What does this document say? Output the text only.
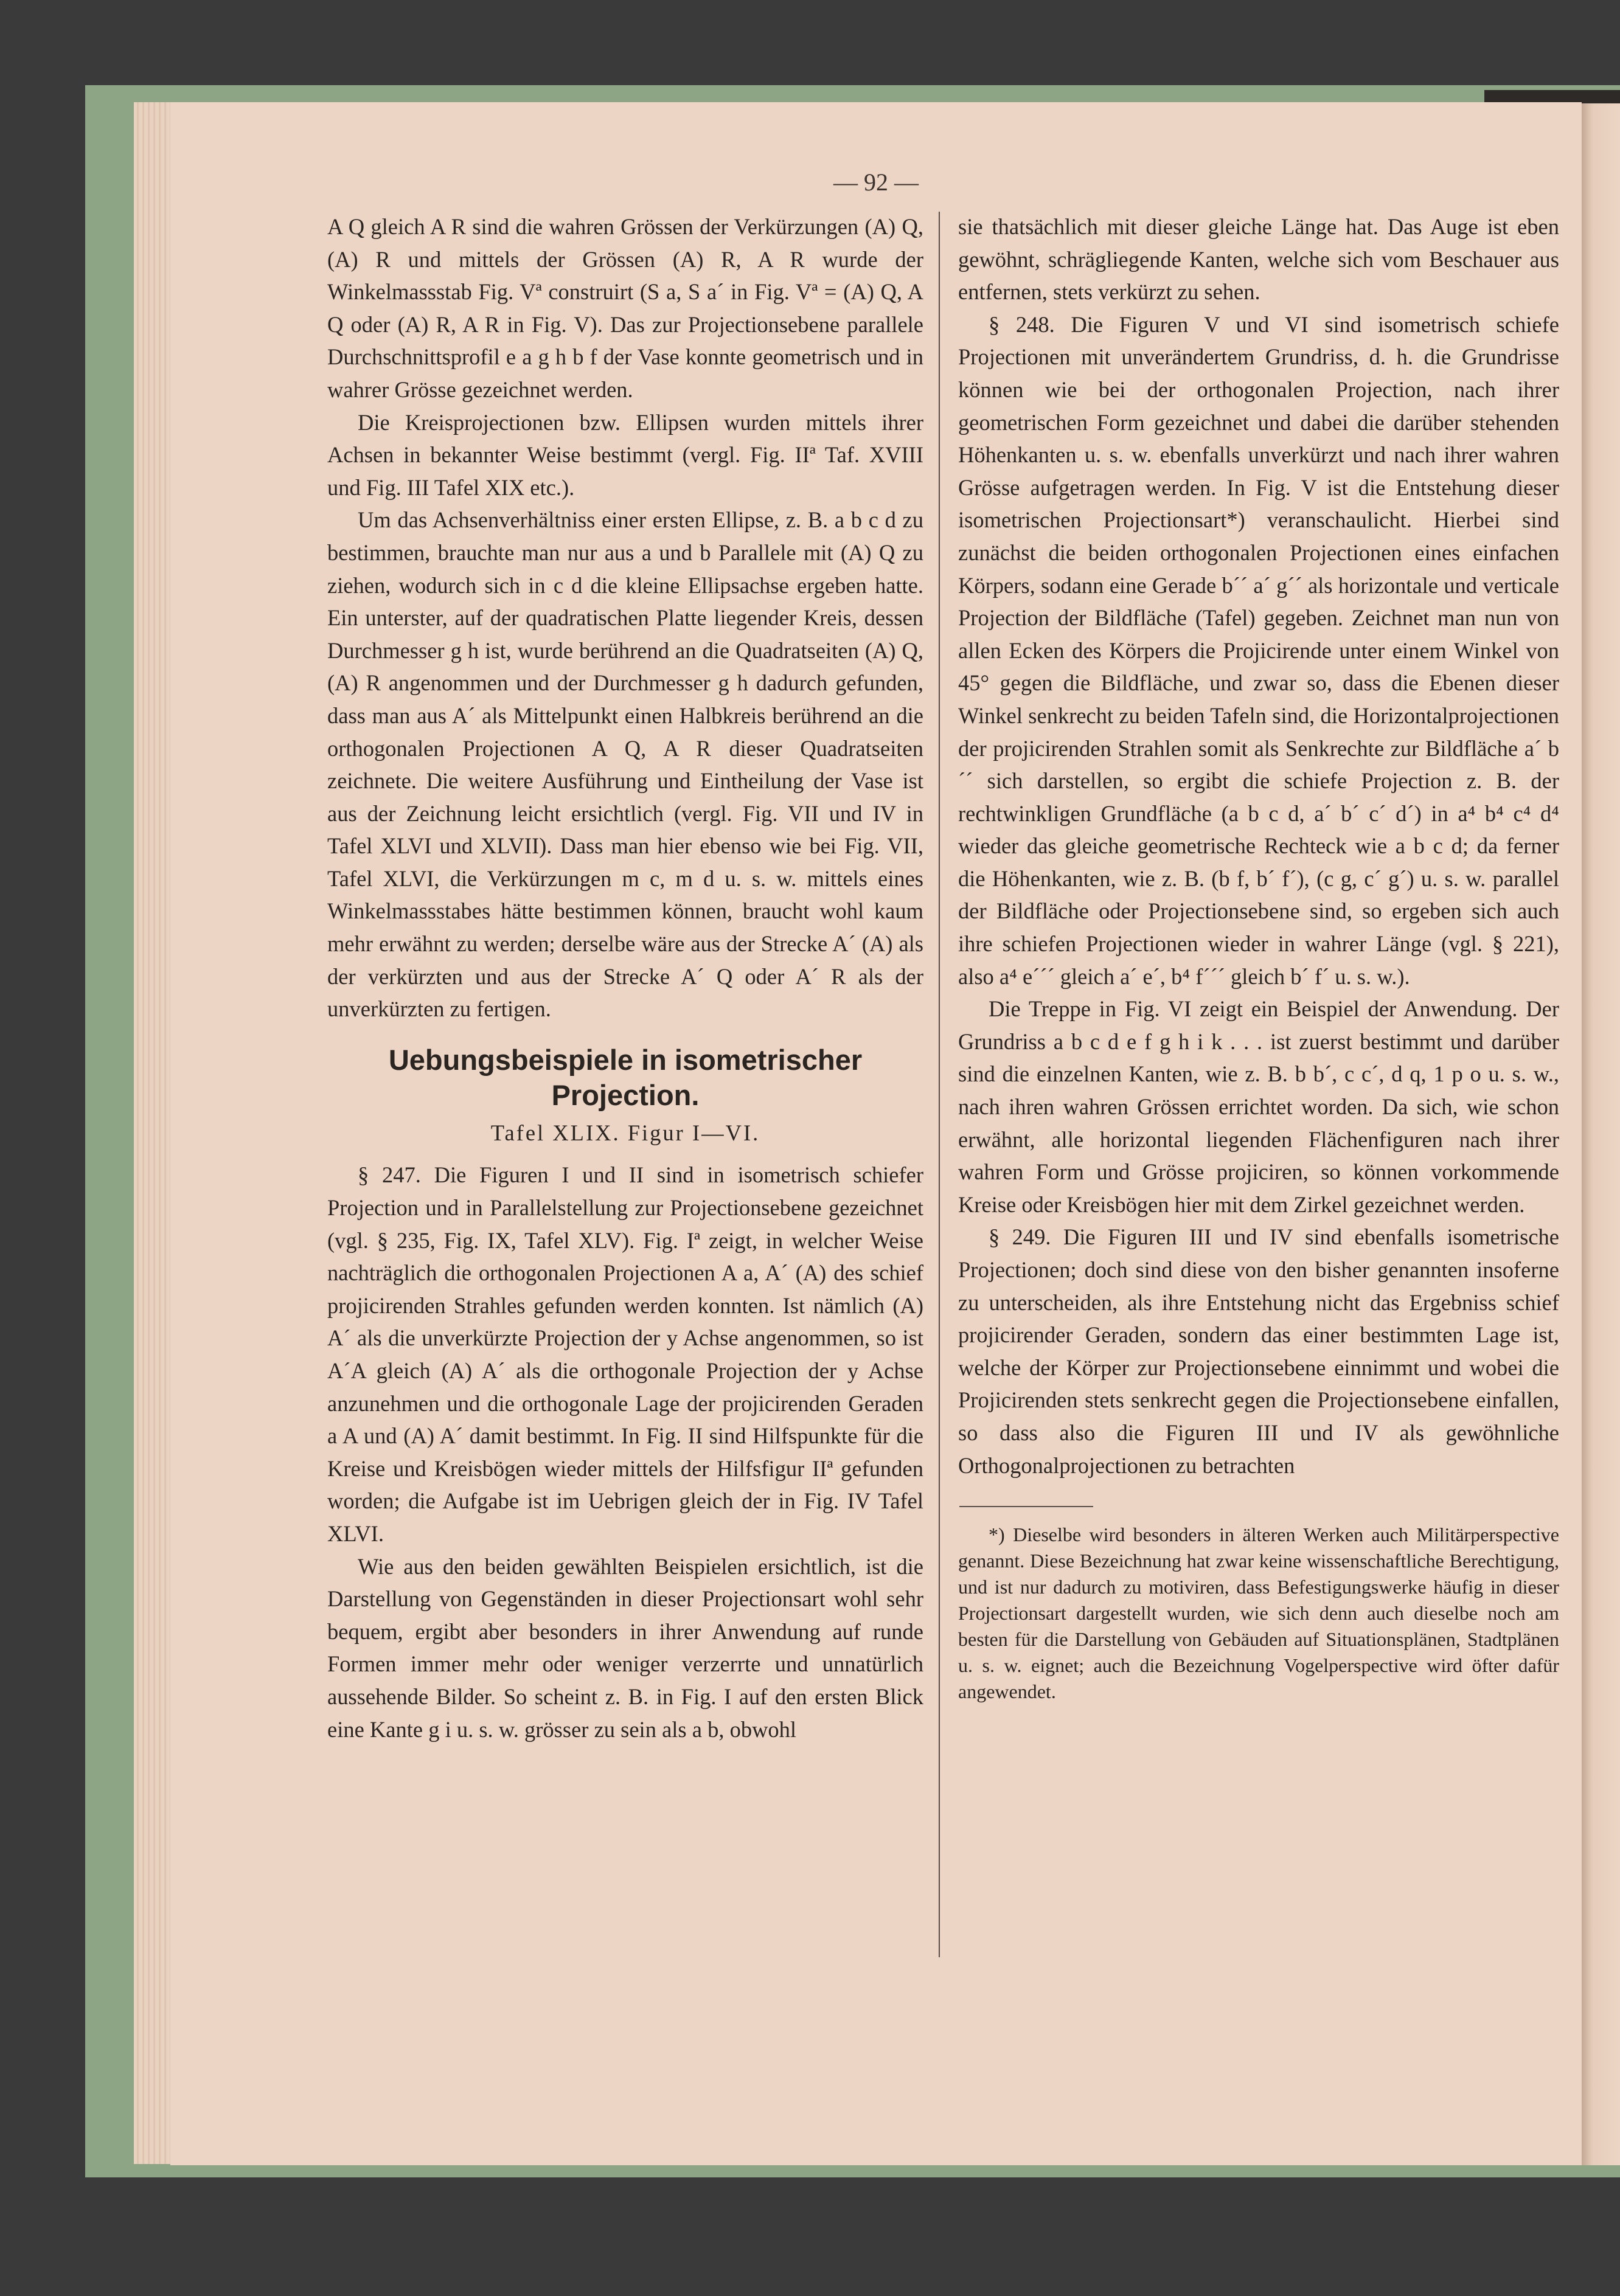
— 92 —

A Q gleich A R sind die wahren Grössen der Verkürzungen (A) Q, (A) R und mittels der Grössen (A) R, A R wurde der Winkelmassstab Fig. Vª construirt (S a, S a´ in Fig. Vª = (A) Q, A Q oder (A) R, A R in Fig. V). Das zur Projectionsebene parallele Durchschnittsprofil e a g h b f der Vase konnte geometrisch und in wahrer Grösse gezeichnet werden.

Die Kreisprojectionen bzw. Ellipsen wurden mittels ihrer Achsen in bekannter Weise bestimmt (vergl. Fig. IIª Taf. XVIII und Fig. III Tafel XIX etc.).

Um das Achsenverhältniss einer ersten Ellipse, z. B. a b c d zu bestimmen, brauchte man nur aus a und b Parallele mit (A) Q zu ziehen, wodurch sich in c d die kleine Ellipsachse ergeben hatte. Ein unterster, auf der quadratischen Platte liegender Kreis, dessen Durchmesser g h ist, wurde berührend an die Quadratseiten (A) Q, (A) R angenommen und der Durchmesser g h dadurch gefunden, dass man aus A´ als Mittelpunkt einen Halbkreis berührend an die orthogonalen Projectionen A Q, A R dieser Quadratseiten zeichnete. Die weitere Ausführung und Eintheilung der Vase ist aus der Zeichnung leicht ersichtlich (vergl. Fig. VII und IV in Tafel XLVI und XLVII). Dass man hier ebenso wie bei Fig. VII, Tafel XLVI, die Verkürzungen m c, m d u. s. w. mittels eines Winkelmassstabes hätte bestimmen können, braucht wohl kaum mehr erwähnt zu werden; derselbe wäre aus der Strecke A´ (A) als der verkürzten und aus der Strecke A´ Q oder A´ R als der unverkürzten zu fertigen.

Uebungsbeispiele in isometrischer
Projection.
Tafel XLIX. Figur I—VI.

§ 247. Die Figuren I und II sind in isometrisch schiefer Projection und in Parallelstellung zur Projectionsebene gezeichnet (vgl. § 235, Fig. IX, Tafel XLV). Fig. Iª zeigt, in welcher Weise nachträglich die orthogonalen Projectionen A a, A´ (A) des schief projicirenden Strahles gefunden werden konnten. Ist nämlich (A) A´ als die unverkürzte Projection der y Achse angenommen, so ist A´A gleich (A) A´ als die orthogonale Projection der y Achse anzunehmen und die orthogonale Lage der projicirenden Geraden a A und (A) A´ damit bestimmt. In Fig. II sind Hilfspunkte für die Kreise und Kreisbögen wieder mittels der Hilfsfigur IIª gefunden worden; die Aufgabe ist im Uebrigen gleich der in Fig. IV Tafel XLVI.

Wie aus den beiden gewählten Beispielen ersichtlich, ist die Darstellung von Gegenständen in dieser Projectionsart wohl sehr bequem, ergibt aber besonders in ihrer Anwendung auf runde Formen immer mehr oder weniger verzerrte und unnatürlich aussehende Bilder. So scheint z. B. in Fig. I auf den ersten Blick eine Kante g i u. s. w. grösser zu sein als a b, obwohl

sie thatsächlich mit dieser gleiche Länge hat. Das Auge ist eben gewöhnt, schrägliegende Kanten, welche sich vom Beschauer aus entfernen, stets verkürzt zu sehen.

§ 248. Die Figuren V und VI sind isometrisch schiefe Projectionen mit unverändertem Grundriss, d. h. die Grundrisse können wie bei der orthogonalen Projection, nach ihrer geometrischen Form gezeichnet und dabei die darüber stehenden Höhenkanten u. s. w. ebenfalls unverkürzt und nach ihrer wahren Grösse aufgetragen werden. In Fig. V ist die Entstehung dieser isometrischen Projectionsart*) veranschaulicht. Hierbei sind zunächst die beiden orthogonalen Projectionen eines einfachen Körpers, sodann eine Gerade b´´ a´ g´´ als horizontale und verticale Projection der Bildfläche (Tafel) gegeben. Zeichnet man nun von allen Ecken des Körpers die Projicirende unter einem Winkel von 45° gegen die Bildfläche, und zwar so, dass die Ebenen dieser Winkel senkrecht zu beiden Tafeln sind, die Horizontalprojectionen der projicirenden Strahlen somit als Senkrechte zur Bildfläche a´ b´´ sich darstellen, so ergibt die schiefe Projection z. B. der rechtwinkligen Grundfläche (a b c d, a´ b´ c´ d´) in a⁴ b⁴ c⁴ d⁴ wieder das gleiche geometrische Rechteck wie a b c d; da ferner die Höhenkanten, wie z. B. (b f, b´ f´), (c g, c´ g´) u. s. w. parallel der Bildfläche oder Projectionsebene sind, so ergeben sich auch ihre schiefen Projectionen wieder in wahrer Länge (vgl. § 221), also a⁴ e´´´ gleich a´ e´, b⁴ f´´´ gleich b´ f´ u. s. w.).

Die Treppe in Fig. VI zeigt ein Beispiel der Anwendung. Der Grundriss a b c d e f g h i k . . . ist zuerst bestimmt und darüber sind die einzelnen Kanten, wie z. B. b b´, c c´, d q, 1 p o u. s. w., nach ihren wahren Grössen errichtet worden. Da sich, wie schon erwähnt, alle horizontal liegenden Flächenfiguren nach ihrer wahren Form und Grösse projiciren, so können vorkommende Kreise oder Kreisbögen hier mit dem Zirkel gezeichnet werden.

§ 249. Die Figuren III und IV sind ebenfalls isometrische Projectionen; doch sind diese von den bisher genannten insoferne zu unterscheiden, als ihre Entstehung nicht das Ergebniss schief projicirender Geraden, sondern das einer bestimmten Lage ist, welche der Körper zur Projectionsebene einnimmt und wobei die Projicirenden stets senkrecht gegen die Projectionsebene einfallen, so dass also die Figuren III und IV als gewöhnliche Orthogonalprojectionen zu betrachten

*) Dieselbe wird besonders in älteren Werken auch Militärperspective genannt. Diese Bezeichnung hat zwar keine wissenschaftliche Berechtigung, und ist nur dadurch zu motiviren, dass Befestigungswerke häufig in dieser Projectionsart dargestellt wurden, wie sich denn auch dieselbe noch am besten für die Darstellung von Gebäuden auf Situationsplänen, Stadtplänen u. s. w. eignet; auch die Bezeichnung Vogelperspective wird öfter dafür angewendet.
